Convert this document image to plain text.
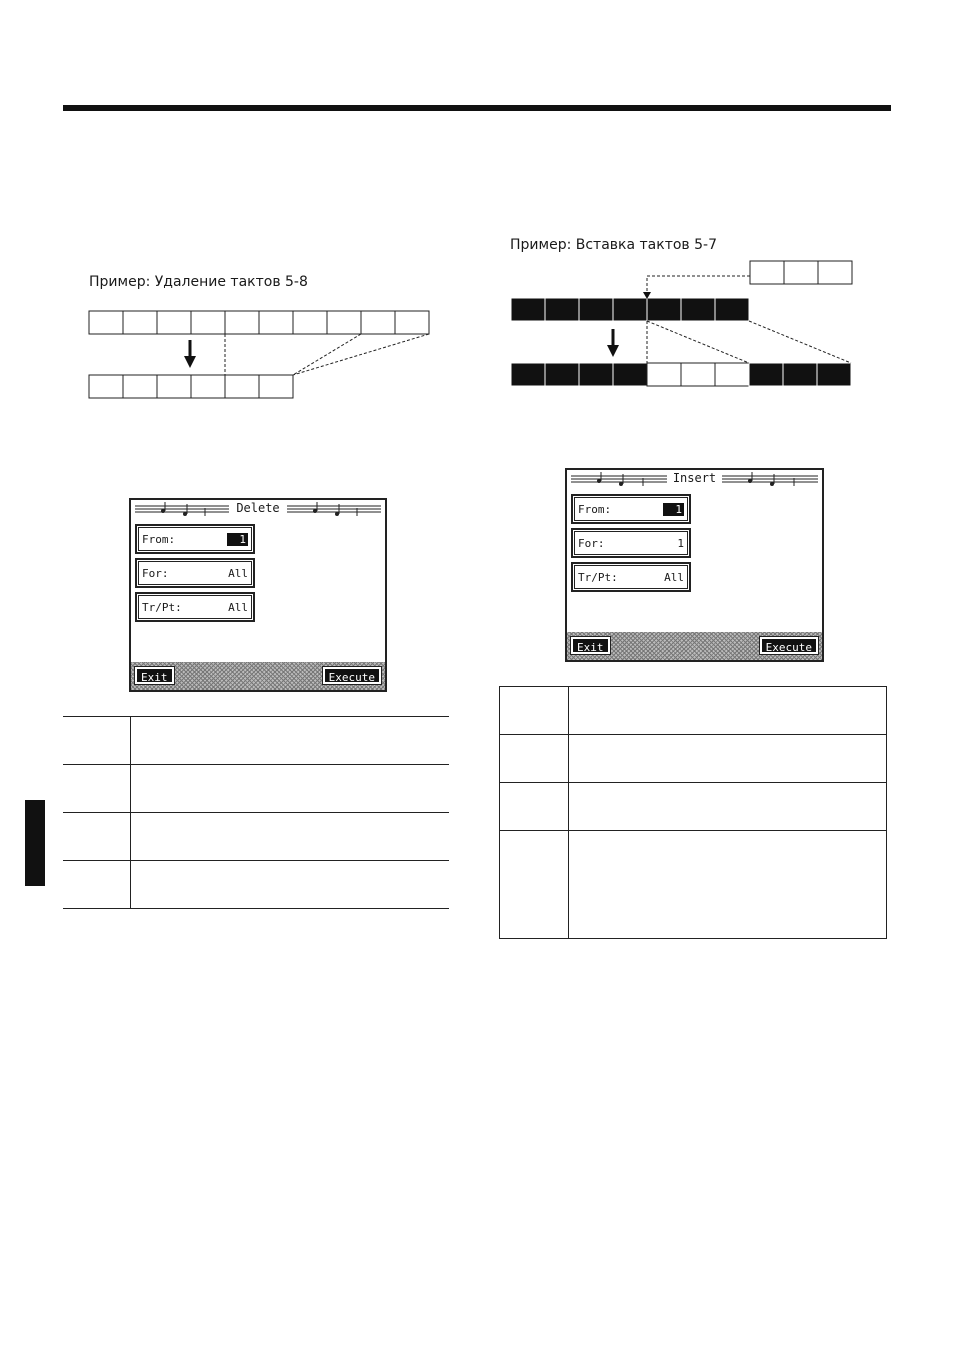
Пример: Удаление тактов 5-8
Delete
From:	1
For:	All
Tr/Pt:	All
Exit	Execute

Пример: Вставка тактов 5-7
Insert
From:	1
For:	1
Tr/Pt:	All
Exit	Execute
